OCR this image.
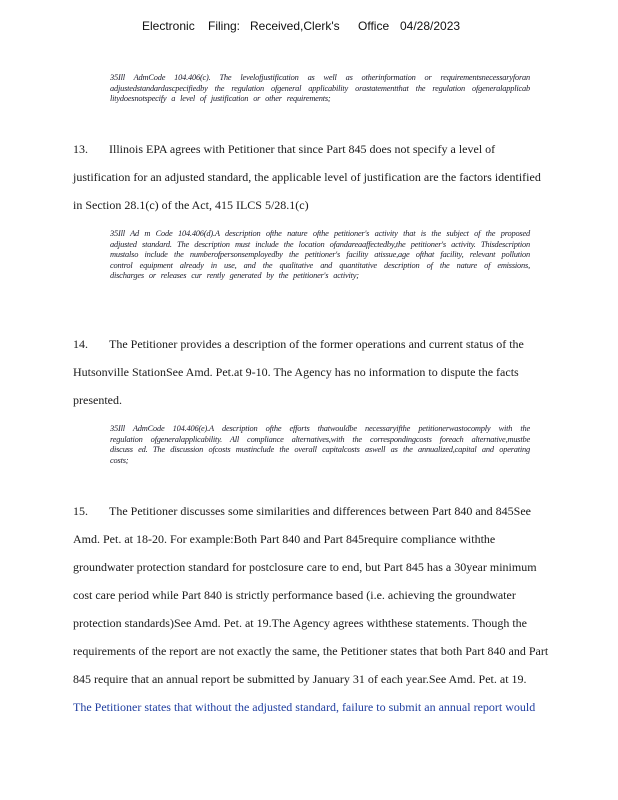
Electronic Filing: Received,Clerk's Office 04/28/2023
35Ill AdmCode 104.406(c). The levelofjustification as well as otherinformation or requirementsnecessaryforan adjustedstandardascpecifiedby the regulation ofgeneral applicability orastatementthat the regulation ofgeneralapplicab litydoesnotspecify a level of justification or other requirements;
13. Illinois EPA agrees with Petitioner that since Part 845 does not specify a level of
justification for an adjusted standard, the applicable level of justification are the factors identified
in Section 28.1(c) of the Act, 415 ILCS 5/28.1(c)
35Ill Ad m Code 104.406(d).A description ofthe nature ofthe petitioner's activity that is the subject of the proposed adjusted standard. The description must include the location ofandareaaffectedby,the petitioner's activity. Thisdescription mustalso include the numberofpersonsemployedby the petitioner's facility atissue,age ofthat facility, relevant pollution control equipment already in use, and the qualitative and quantitative description of the nature of emissions, discharges or releases cur rently generated by the petitioner's activity;
14. The Petitioner provides a description of the former operations and current status of the
Hutsonville StationSee Amd. Pet.at 9-10. The Agency has no information to dispute the facts
presented.
35Ill AdmCode 104.406(e).A description ofthe efforts thatwouldbe necessaryifthe petitionerwastocomply with the regulation ofgeneralapplicability. All compliance alternatives,with the correspondingcosts foreach alternative,mustbe discuss ed. The discussion ofcosts mustinclude the overall capitalcosts aswell as the annualized,capital and operating costs;
15. The Petitioner discusses some similarities and differences between Part 840 and 845See
Amd. Pet. at 18-20. For example:Both Part 840 and Part 845require compliance withthe
groundwater protection standard for postclosure care to end, but Part 845 has a 30year minimum
cost care period while Part 840 is strictly performance based (i.e. achieving the groundwater
protection standards)See Amd. Pet. at 19.The Agency agrees withthese statements. Though the
requirements of the report are not exactly the same, the Petitioner states that both Part 840 and Part
845 require that an annual report be submitted by January 31 of each year.See Amd. Pet. at 19.
The Petitioner states that without the adjusted standard, failure to submit an annual report would
